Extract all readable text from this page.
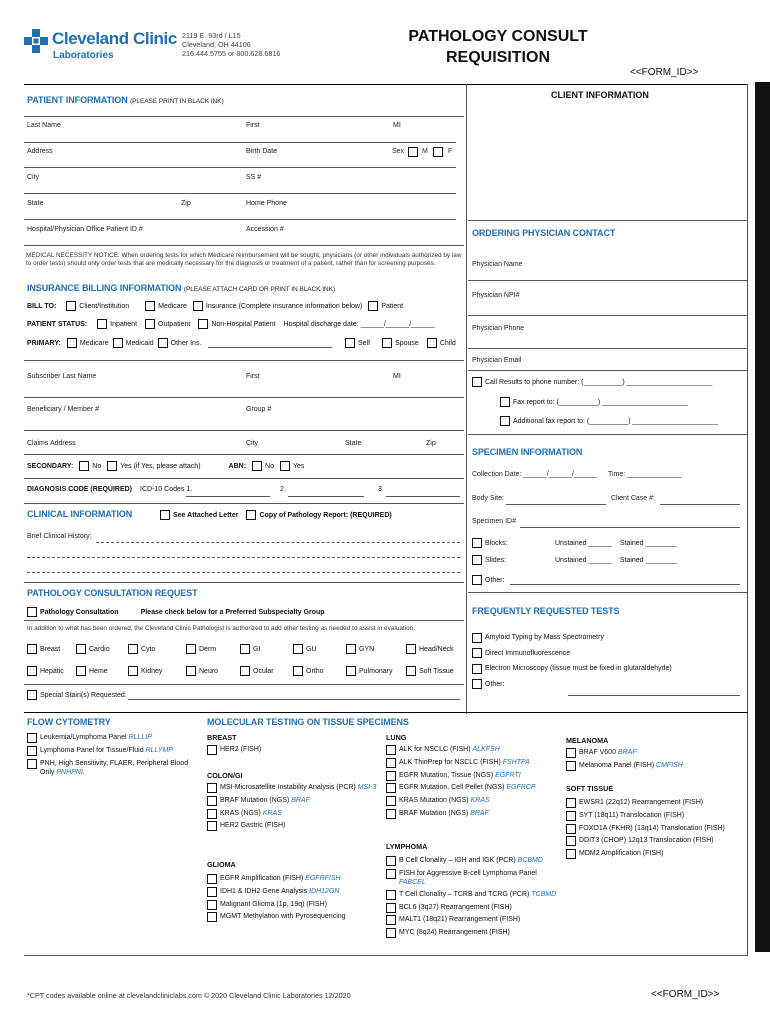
Cleveland Clinic
Laboratories
2119 E. 93rd / L15
Cleveland, OH 44106
216.444.5755 or 800.628.6816
PATHOLOGY CONSULT
REQUISITION
<<FORM_ID>>
PATIENT INFORMATION (PLEASE PRINT IN BLACK INK)
Last Name	First	MI
Address	Birth Date	Sex	M	F
City	SS #
State	Zip	Home Phone
Hospital/Physician Office Patient ID #	Accession #
MEDICAL NECESSITY NOTICE: When ordering tests for which Medicare reimbursement will be sought, physicians (or other individuals authorized by law to order tests) should only order tests that are medically necessary for the diagnosis or treatment of a patient, rather than for screening purposes.
INSURANCE BILLING INFORMATION (PLEASE ATTACH CARD OR PRINT IN BLACK INK)
BILL TO:	Client/Institution	Medicare	Insurance (Complete insurance information below)	Patient
PATIENT STATUS:	Inpatient	Outpatient	Non-Hospital Patient Hospital discharge date: ______/______/______
PRIMARY:	Medicare Medicaid Other Ins.	Self	Spouse	Child
Subscriber Last Name	First	MI
Beneficiary / Member #	Group #
Claims Address	City	State	Zip
SECONDARY:	No	Yes (if Yes, please attach)	ABN:	No	Yes
DIAGNOSIS CODE (REQUIRED) ICD-10 Codes 1.	2.	3.
CLINICAL INFORMATION	See Attached Letter	Copy of Pathology Report: (REQUIRED)
Brief Clinical History:
PATHOLOGY CONSULTATION REQUEST
Pathology Consultation	Please check below for a Preferred Subspecialty Group
In addition to what has been ordered, the Cleveland Clinic Pathologist is authorized to add other testing as needed to assist in evaluation.
Breast	Cardio	Cyto	Derm	GI	GU	GYN	Head/Neck
Hepatic	Heme	Kidney	Neuro	Ocular	Ortho	Pulmonary	Soft Tissue
Special Stain(s) Requested:
CLIENT INFORMATION
ORDERING PHYSICIAN CONTACT
Physician Name
Physician NPI#
Physician Phone
Physician Email
Call Results to phone number: (__________) ______________________
Fax report to: (__________) ______________________
Additional fax report to: (__________) ______________________
SPECIMEN INFORMATION
Collection Date: ______/______/______ Time: ______________
Body Site:	Client Case #:
Specimen ID#
Blocks:	Unstained ______ Stained ________
Slides:	Unstained ______ Stained ________
Other:
FREQUENTLY REQUESTED TESTS
Amyloid Typing by Mass Spectrometry
Direct Immunofluorescence
Electron Microscopy (tissue must be fixed in glutaraldehyde)
Other:
FLOW CYTOMETRY
Leukemia/Lymphoma Panel RLLLIP
Lymphoma Panel for Tissue/Fluid RLLYMP
PNH, High Sensitivity, FLAER, Peripheral Blood Only PNHPNL
MOLECULAR TESTING ON TISSUE SPECIMENS
BREAST
HER2 (FISH)
COLON/GI
MSI-Microsatellite Instability Analysis (PCR) MSI-3
BRAF Mutation (NGS) BRAF
KRAS (NGS) KRAS
HER2 Gastric (FISH)
GLIOMA
EGFR Amplification (FISH) EGFRFISH
IDH1 & IDH2 Gene Analysis IDH12GN
Malignant Glioma (1p, 19q) (FISH)
MGMT Methylation with Pyrosequencing
LUNG
ALK for NSCLC (FISH) ALKFSH
ALK ThinPrep for NSCLC (FISH) FSHTPA
EGFR Mutation, Tissue (NGS) EGFRTI
EGFR Mutation, Cell Pellet (NGS) EGFRCP
KRAS Mutation (NGS) KRAS
BRAF Mutation (NGS) BRAF
LYMPHOMA
B Cell Clonality – IGH and IGK (PCR) BCBMD
FISH for Aggressive B-cell Lymphoma Panel FABCEL
T Cell Clonality – TCRB and TCRG (PCR) TCBMD
BCL6 (3q27) Rearrangement (FISH)
MALT1 (18q21) Rearrangement (FISH)
MYC (8q24) Rearrangement (FISH)
MELANOMA
BRAF V600 BRAF
Melanoma Panel (FISH) CMFISH
SOFT TISSUE
EWSR1 (22q12) Rearrangement (FISH)
SYT (18q11) Translocation (FISH)
FOXO1A (FKHR) (13q14) Translocation (FISH)
DDIT3 (CHOP) 12q13 Translocation (FISH)
MDM2 Amplification (FISH)
*CPT codes available online at clevelandcliniclabs.com © 2020 Cleveland Clinic Laboratories 12/2020	<<FORM_ID>>
